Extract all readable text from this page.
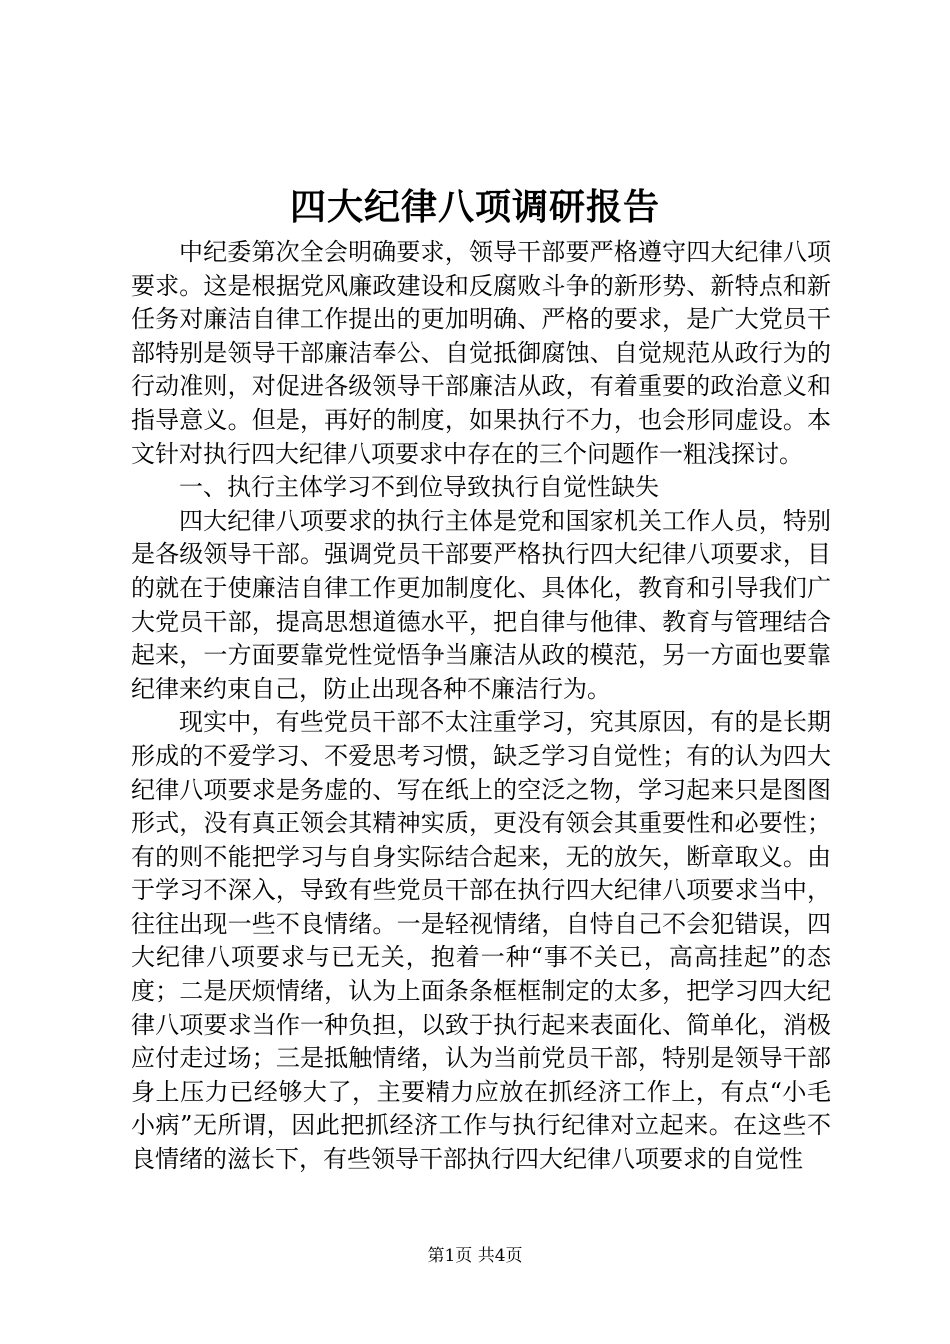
四大纪律八项调研报告

中纪委第次全会明确要求，领导干部要严格遵守四大纪律八项要求。这是根据党风廉政建设和反腐败斗争的新形势、新特点和新任务对廉洁自律工作提出的更加明确、严格的要求，是广大党员干部特别是领导干部廉洁奉公、自觉抵御腐蚀、自觉规范从政行为的行动准则，对促进各级领导干部廉洁从政，有着重要的政治意义和指导意义。但是，再好的制度，如果执行不力，也会形同虚设。本文针对执行四大纪律八项要求中存在的三个问题作一粗浅探讨。

一、执行主体学习不到位导致执行自觉性缺失

四大纪律八项要求的执行主体是党和国家机关工作人员，特别是各级领导干部。强调党员干部要严格执行四大纪律八项要求，目的就在于使廉洁自律工作更加制度化、具体化，教育和引导我们广大党员干部，提高思想道德水平，把自律与他律、教育与管理结合起来，一方面要靠党性觉悟争当廉洁从政的模范，另一方面也要靠纪律来约束自己，防止出现各种不廉洁行为。

现实中，有些党员干部不太注重学习，究其原因，有的是长期形成的不爱学习、不爱思考习惯，缺乏学习自觉性；有的认为四大纪律八项要求是务虚的、写在纸上的空泛之物，学习起来只是图图形式，没有真正领会其精神实质，更没有领会其重要性和必要性；有的则不能把学习与自身实际结合起来，无的放矢，断章取义。由于学习不深入，导致有些党员干部在执行四大纪律八项要求当中，往往出现一些不良情绪。一是轻视情绪，自恃自己不会犯错误，四大纪律八项要求与已无关，抱着一种“事不关已，高高挂起”的态度；二是厌烦情绪，认为上面条条框框制定的太多，把学习四大纪律八项要求当作一种负担，以致于执行起来表面化、简单化，消极应付走过场；三是抵触情绪，认为当前党员干部，特别是领导干部身上压力已经够大了，主要精力应放在抓经济工作上，有点“小毛小病”无所谓，因此把抓经济工作与执行纪律对立起来。在这些不良情绪的滋长下，有些领导干部执行四大纪律八项要求的自觉性

第1页 共4页
